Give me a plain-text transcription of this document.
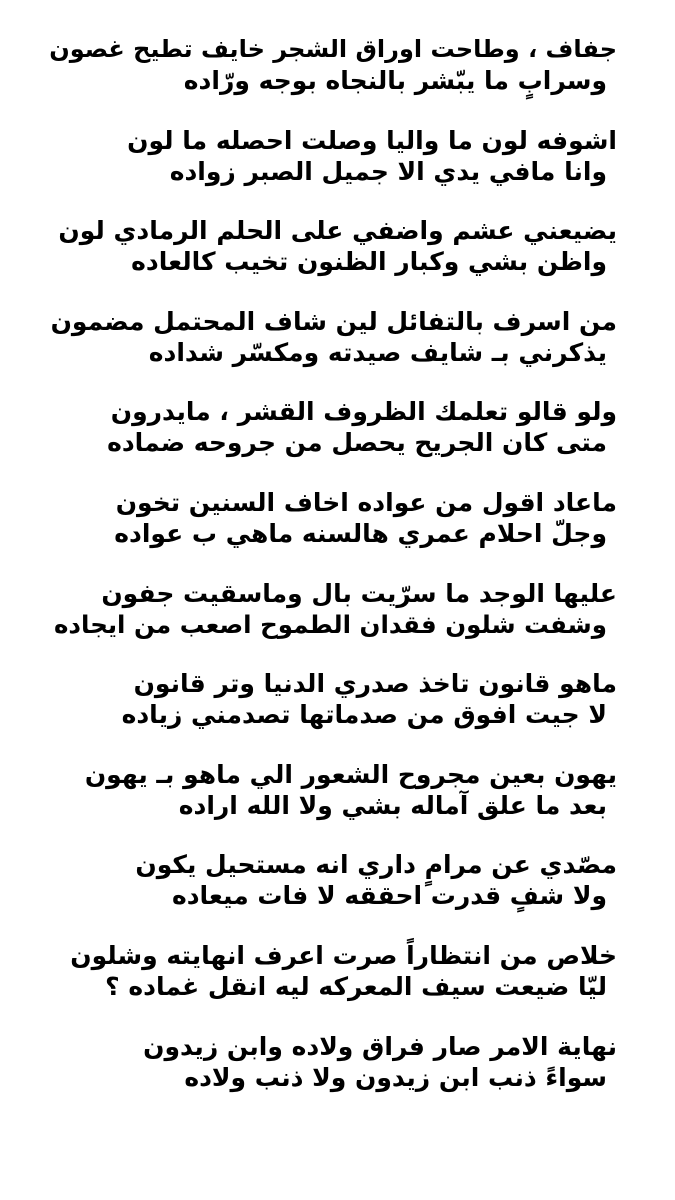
جفاف ، وطاحت اوراق الشجر خايف تطيح غصون
وسرابٍ ما يبّشر بالنجاه بوجه ورّاده
اشوفه لون ما واليا وصلت احصله ما لون
وانا مافي يدي الا جميل الصبر زواده
يضيعني عشم واضفي على الحلم الرمادي لون
واظن بشي وكبار الظنون تخيب كالعاده
من اسرف بالتفائل لين شاف المحتمل مضمون
يذكرني بـ شايف صيدته ومكسّر شداده
ولو قالو تعلمك الظروف القشر ، مايدرون
متى كان الجريح يحصل من جروحه ضماده
ماعاد اقول من عواده اخاف السنين تخون
وجلّ احلام عمري هالسنه ماهي ب عواده
عليها الوجد ما سرّيت بال وماسقيت جفون
وشفت شلون فقدان الطموح اصعب من ايجاده
ماهو قانون تاخذ صدري الدنيا وتر قانون
لا جيت افوق من صدماتها تصدمني زياده
يهون بعين مجروح الشعور الي ماهو بـ يهون
بعد ما علق آماله بشي ولا الله اراده
مصّدي عن مرامٍ داري انه مستحيل يكون
ولا شفٍ قدرت احققه لا فات ميعاده
خلاص من انتظاراً صرت اعرف انهايته وشلون
ليّا ضيعت سيف المعركه ليه انقل غماده ؟
نهاية الامر صار فراق ولاده وابن زيدون
سواءً ذنب ابن زيدون ولا ذنب ولاده
